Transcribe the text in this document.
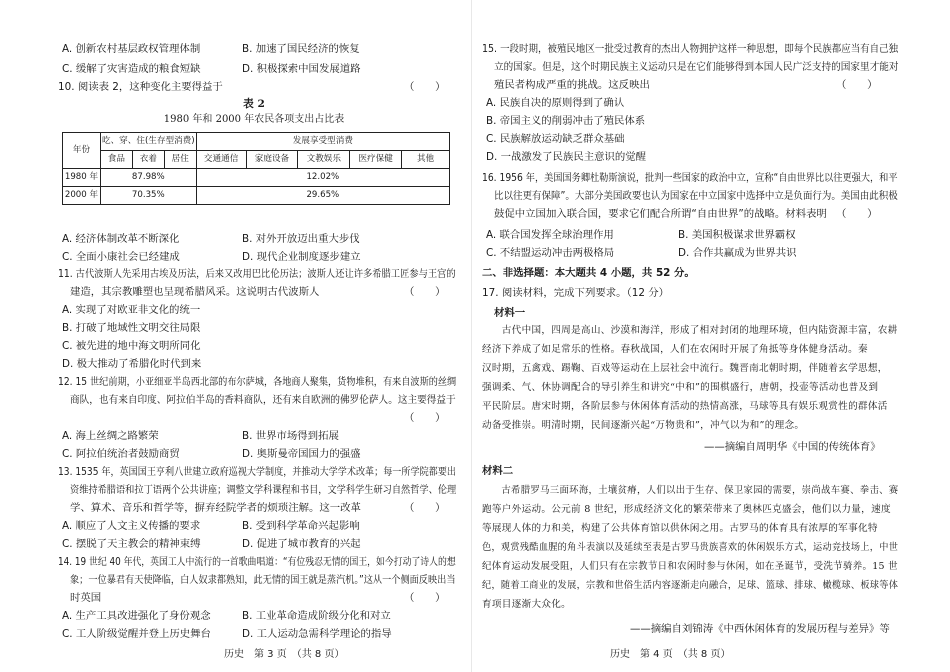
A. 创新农村基层政权管理体制	B. 加速了国民经济的恢复
C. 缓解了灾害造成的粮食短缺	D. 积极探索中国发展道路
10. 阅读表 2，这种变化主要得益于	（　　）
表 2
1980 年和 2000 年农民各项支出占比表
年份	吃、穿、住(生存型消费)			发展享受型消费				
	食品	衣着	居住	交通通信	家庭设备	文教娱乐	医疗保健	其他
1980 年	87.98%			12.02%				
2000 年	70.35%			29.65%				
A. 经济体制改革不断深化	B. 对外开放迈出重大步伐
C. 全面小康社会已经建成	D. 现代企业制度逐步建立
11. 古代波斯人先采用古埃及历法，后来又改用巴比伦历法；波斯人还让许多希腊工匠参与王宫的
建造，其宗教雕塑也呈现希腊风采。这说明古代波斯人	（　　）
A. 实现了对欧亚非文化的统一
B. 打破了地域性文明交往局限
C. 被先进的地中海文明所同化
D. 极大推动了希腊化时代到来
12. 15 世纪前期，小亚细亚半岛西北部的布尔萨城，各地商人聚集，货物堆积，有来自波斯的丝绸
商队，也有来自印度、阿拉伯半岛的香料商队，还有来自欧洲的佛罗伦萨人。这主要得益于
（　　）
A. 海上丝绸之路繁荣	B. 世界市场得到拓展
C. 阿拉伯统治者鼓励商贸	D. 奥斯曼帝国国力的强盛
13. 1535 年，英国国王亨利八世建立政府巡视大学制度，并推动大学学术改革；每一所学院都要出
资维持希腊语和拉丁语两个公共讲座；调整文学科课程和书目，文学科学生研习自然哲学、伦理
学、算术、音乐和哲学等，摒弃经院学者的烦琐注解。这一改革	（　　）
A. 顺应了人文主义传播的要求	B. 受到科学革命兴起影响
C. 摆脱了天主教会的精神束缚	D. 促进了城市教育的兴起
14. 19 世纪 40 年代，英国工人中流行的一首歌曲唱道：“有位残忍无情的国王，如今打动了诗人的想
象；一位暴君有天使降临，白人奴隶都熟知，此无情的国王就是蒸汽机。”这从一个侧面反映出当
时英国	（　　）
A. 生产工具改进强化了身份观念	B. 工业革命造成阶级分化和对立
C. 工人阶级觉醒并登上历史舞台	D. 工人运动急需科学理论的指导
历史　第 3 页　（共 8 页）
15. 一段时期，被殖民地区一批受过教育的杰出人物拥护这样一种思想，即每个民族都应当有自己独
立的国家。但是，这个时期民族主义运动只是在它们能够得到本国人民广泛支持的国家里才能对
殖民者构成严重的挑战。这反映出	（　　）
A. 民族自决的原则得到了确认
B. 帝国主义的削弱冲击了殖民体系
C. 民族解放运动缺乏群众基础
D. 一战激发了民族民主意识的觉醒
16. 1956 年，美国国务卿杜勒斯演说，批判一些国家的政治中立，宣称“自由世界比以往更强大，和平
比以往更有保障”。大部分美国政要也认为国家在中立国家中选择中立是负面行为。美国由此积极
鼓促中立国加入联合国，要求它们配合所谓“自由世界”的战略。材料表明 （　　）
A. 联合国发挥全球治理作用	B. 美国积极谋求世界霸权
C. 不结盟运动冲击两极格局	D. 合作共赢成为世界共识
二、非选择题：本大题共 4 小题，共 52 分。
17. 阅读材料，完成下列要求。（12 分）
材料一
　　古代中国，四周是高山、沙漠和海洋，形成了相对封闭的地理环境，但内陆资源丰富，农耕
经济下养成了如足常乐的性格。春秋战国，人们在农闲时开展了角抵等身体健身活动。秦
汉时期，五禽戏、踢鞠、百戏等运动在上层社会中流行。魏晋南北朝时期，伴随着玄学思想，
强调柔、气、休协调配合的导引养生和讲究“中和”的围棋盛行，唐朝，投壶等活动也普及到
平民阶层。唐宋时期，各阶层参与休闲体育活动的热情高涨，马球等具有娱乐观赏性的群体活
动备受推崇。明清时期，民间逐渐兴起“万物贵和”，冲气以为和”的理念。
——摘编自周明华《中国的传统体育》
材料二
　　古希腊罗马三面环海，土壤贫瘠，人们以出于生存、保卫家园的需要，崇尚战车赛、拳击、赛
跑等户外运动。公元前 8 世纪，形成经济文化的繁荣带来了奥林匹克盛会，他们以力量，速度
等展现人体的力和美，构建了公共体育馆以供休闲之用。古罗马的体育具有浓厚的军事化特
色，观赏残酷血腥的角斗表演以及延续至表是古罗马贵族喜欢的休闲娱乐方式，运动竞技场上，中世
纪体育运动发展受阻，人们只有在宗教节日和农闲时参与休闲，如在圣诞节，受洗节骑养。15 世
纪，随着工商业的发展，宗教和世俗生活内容逐渐走向融合，足球、篮球、排球、橄榄球、板球等体
育项目逐渐大众化。
——摘编自刘锦涛《中西休闲体育的发展历程与差异》等
历史　第 4 页　（共 8 页）
